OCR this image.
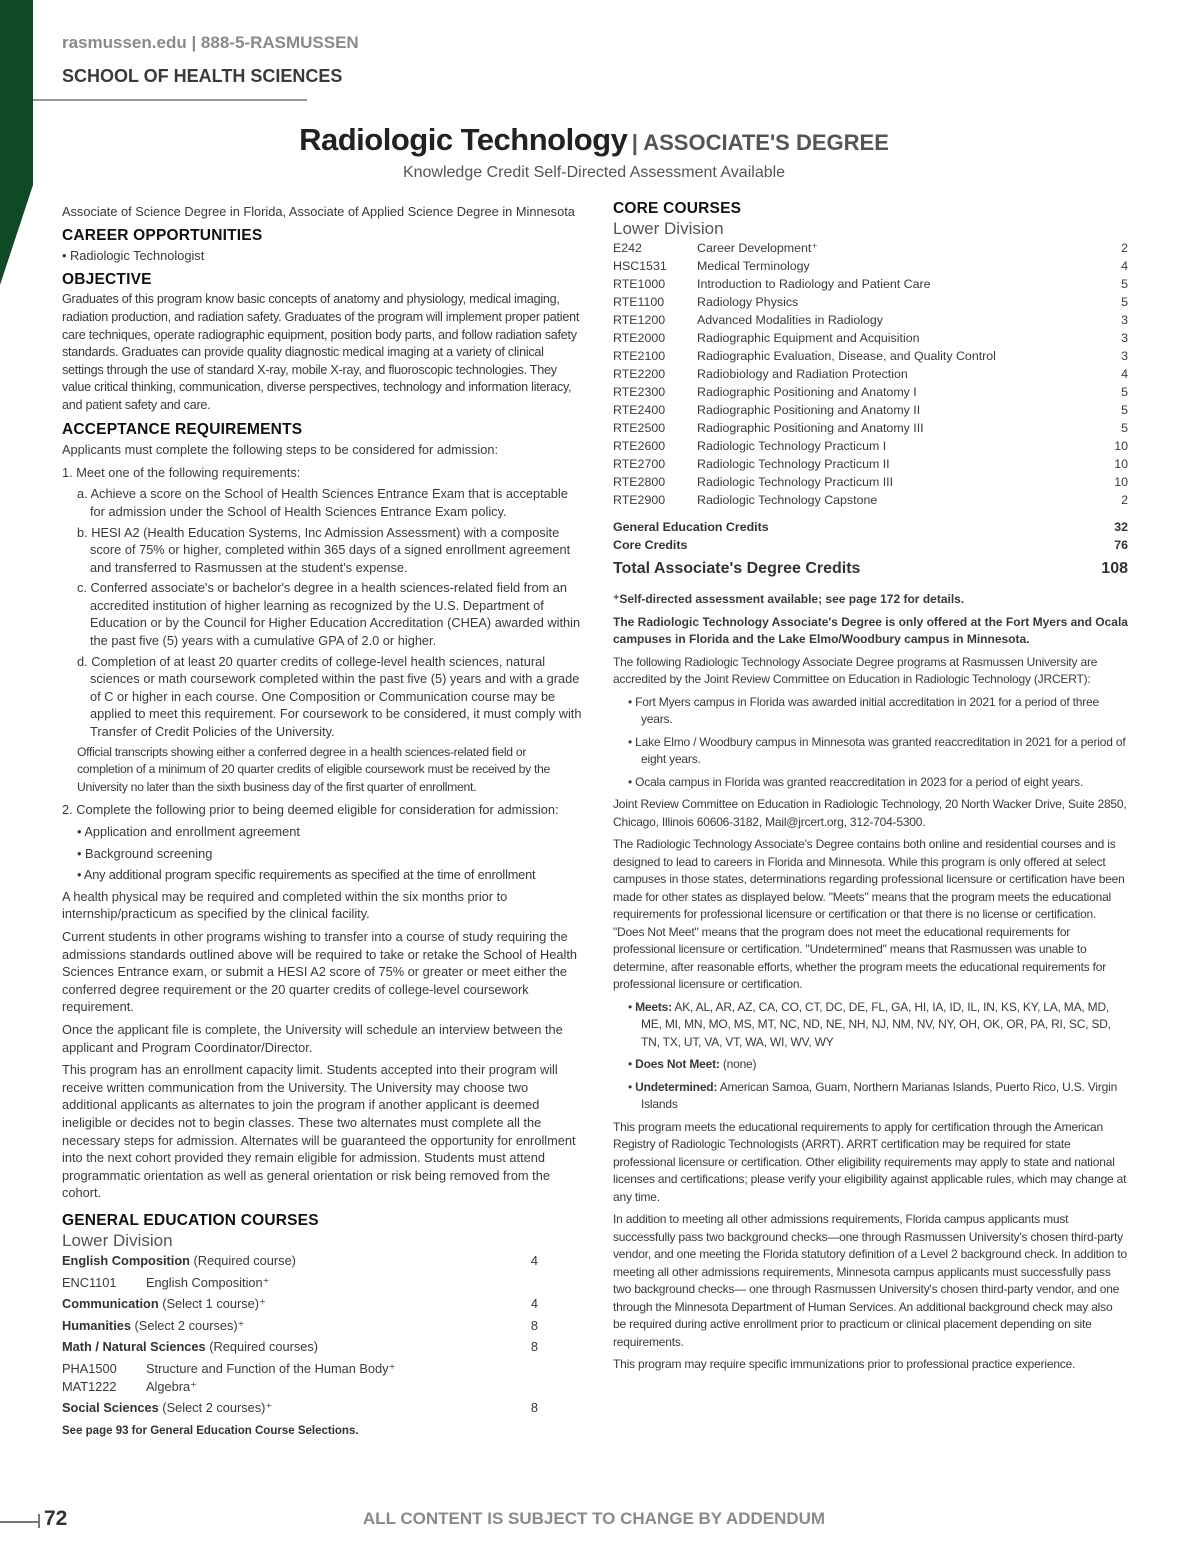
rasmussen.edu | 888-5-RASMUSSEN
SCHOOL OF HEALTH SCIENCES
Radiologic Technology | ASSOCIATE'S DEGREE
Knowledge Credit Self-Directed Assessment Available

Associate of Science Degree in Florida, Associate of Applied Science Degree in Minnesota

CAREER OPPORTUNITIES

• Radiologic Technologist

OBJECTIVE

Graduates of this program know basic concepts of anatomy and physiology, medical imaging, radiation production, and radiation safety. Graduates of the program will implement proper patient care techniques, operate radiographic equipment, position body parts, and follow radiation safety standards. Graduates can provide quality diagnostic medical imaging at a variety of clinical settings through the use of standard X-ray, mobile X-ray, and fluoroscopic technologies. They value critical thinking, communication, diverse perspectives, technology and information literacy, and patient safety and care.

ACCEPTANCE REQUIREMENTS

Applicants must complete the following steps to be considered for admission:

1. Meet one of the following requirements:

a. Achieve a score on the School of Health Sciences Entrance Exam that is acceptable for admission under the School of Health Sciences Entrance Exam policy.

b. HESI A2 (Health Education Systems, Inc Admission Assessment) with a composite score of 75% or higher, completed within 365 days of a signed enrollment agreement and transferred to Rasmussen at the student's expense.

c. Conferred associate's or bachelor's degree in a health sciences-related field from an accredited institution of higher learning as recognized by the U.S. Department of Education or by the Council for Higher Education Accreditation (CHEA) awarded within the past five (5) years with a cumulative GPA of 2.0 or higher.

d. Completion of at least 20 quarter credits of college-level health sciences, natural sciences or math coursework completed within the past five (5) years and with a grade of C or higher in each course. One Composition or Communication course may be applied to meet this requirement. For coursework to be considered, it must comply with Transfer of Credit Policies of the University.

Official transcripts showing either a conferred degree in a health sciences-related field or completion of a minimum of 20 quarter credits of eligible coursework must be received by the University no later than the sixth business day of the first quarter of enrollment.

2. Complete the following prior to being deemed eligible for consideration for admission:

• Application and enrollment agreement

• Background screening

• Any additional program specific requirements as specified at the time of enrollment

A health physical may be required and completed within the six months prior to internship/practicum as specified by the clinical facility.

Current students in other programs wishing to transfer into a course of study requiring the admissions standards outlined above will be required to take or retake the School of Health Sciences Entrance exam, or submit a HESI A2 score of 75% or greater or meet either the conferred degree requirement or the 20 quarter credits of college-level coursework requirement.

Once the applicant file is complete, the University will schedule an interview between the applicant and Program Coordinator/Director.

This program has an enrollment capacity limit. Students accepted into their program will receive written communication from the University. The University may choose two additional applicants as alternates to join the program if another applicant is deemed ineligible or decides not to begin classes. These two alternates must complete all the necessary steps for admission. Alternates will be guaranteed the opportunity for enrollment into the next cohort provided they remain eligible for admission. Students must attend programmatic orientation as well as general orientation or risk being removed from the cohort.

GENERAL EDUCATION COURSES
Lower Division
English Composition (Required course)	4
ENC1101	English Composition⁺
Communication (Select 1 course)⁺	4
Humanities (Select 2 courses)⁺	8
Math / Natural Sciences (Required courses)	8
PHA1500	Structure and Function of the Human Body⁺
MAT1222	Algebra⁺
Social Sciences (Select 2 courses)⁺	8
See page 93 for General Education Course Selections.
CORE COURSES
Lower Division
E242	Career Development⁺	2
HSC1531	Medical Terminology	4
RTE1000	Introduction to Radiology and Patient Care	5
RTE1100	Radiology Physics	5
RTE1200	Advanced Modalities in Radiology	3
RTE2000	Radiographic Equipment and Acquisition	3
RTE2100	Radiographic Evaluation, Disease, and Quality Control	3
RTE2200	Radiobiology and Radiation Protection	4
RTE2300	Radiographic Positioning and Anatomy I	5
RTE2400	Radiographic Positioning and Anatomy II	5
RTE2500	Radiographic Positioning and Anatomy III	5
RTE2600	Radiologic Technology Practicum I	10
RTE2700	Radiologic Technology Practicum II	10
RTE2800	Radiologic Technology Practicum III	10
RTE2900	Radiologic Technology Capstone	2
General Education Credits	32
Core Credits	76
Total Associate's Degree Credits	108

⁺Self-directed assessment available; see page 172 for details.

The Radiologic Technology Associate's Degree is only offered at the Fort Myers and Ocala campuses in Florida and the Lake Elmo/Woodbury campus in Minnesota.

The following Radiologic Technology Associate Degree programs at Rasmussen University are accredited by the Joint Review Committee on Education in Radiologic Technology (JRCERT):

• Fort Myers campus in Florida was awarded initial accreditation in 2021 for a period of three years.

• Lake Elmo / Woodbury campus in Minnesota was granted reaccreditation in 2021 for a period of eight years.

• Ocala campus in Florida was granted reaccreditation in 2023 for a period of eight years.

Joint Review Committee on Education in Radiologic Technology, 20 North Wacker Drive, Suite 2850, Chicago, Illinois 60606-3182, Mail@jrcert.org, 312-704-5300.

The Radiologic Technology Associate's Degree contains both online and residential courses and is designed to lead to careers in Florida and Minnesota. While this program is only offered at select campuses in those states, determinations regarding professional licensure or certification have been made for other states as displayed below. "Meets" means that the program meets the educational requirements for professional licensure or certification or that there is no license or certification. "Does Not Meet" means that the program does not meet the educational requirements for professional licensure or certification. "Undetermined" means that Rasmussen was unable to determine, after reasonable efforts, whether the program meets the educational requirements for professional licensure or certification.

• Meets: AK, AL, AR, AZ, CA, CO, CT, DC, DE, FL, GA, HI, IA, ID, IL, IN, KS, KY, LA, MA, MD, ME, MI, MN, MO, MS, MT, NC, ND, NE, NH, NJ, NM, NV, NY, OH, OK, OR, PA, RI, SC, SD, TN, TX, UT, VA, VT, WA, WI, WV, WY

• Does Not Meet: (none)

• Undetermined: American Samoa, Guam, Northern Marianas Islands, Puerto Rico, U.S. Virgin Islands

This program meets the educational requirements to apply for certification through the American Registry of Radiologic Technologists (ARRT). ARRT certification may be required for state professional licensure or certification. Other eligibility requirements may apply to state and national licenses and certifications; please verify your eligibility against applicable rules, which may change at any time.

In addition to meeting all other admissions requirements, Florida campus applicants must successfully pass two background checks—one through Rasmussen University's chosen third-party vendor, and one meeting the Florida statutory definition of a Level 2 background check. In addition to meeting all other admissions requirements, Minnesota campus applicants must successfully pass two background checks— one through Rasmussen University's chosen third-party vendor, and one through the Minnesota Department of Human Services. An additional background check may also be required during active enrollment prior to practicum or clinical placement depending on site requirements.

This program may require specific immunizations prior to professional practice experience.

72	ALL CONTENT IS SUBJECT TO CHANGE BY ADDENDUM
